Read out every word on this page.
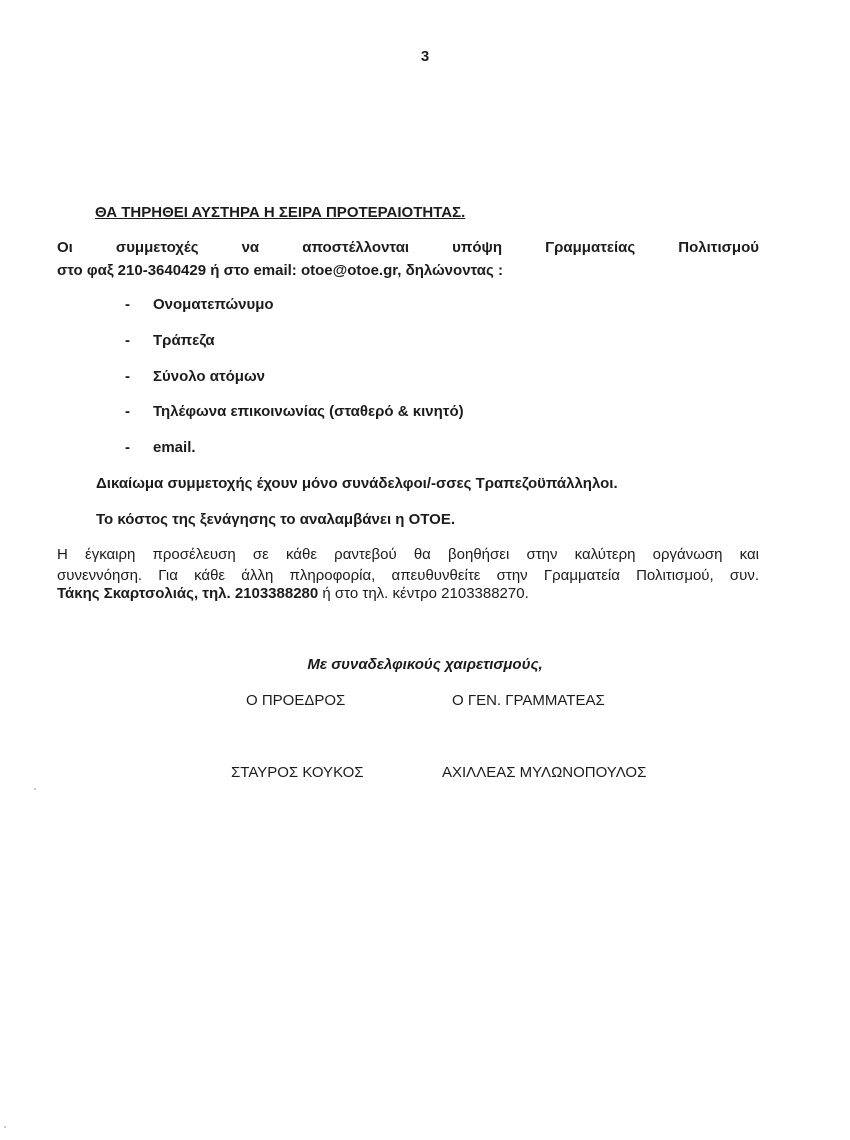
3
ΘΑ ΤΗΡΗΘΕΙ ΑΥΣΤΗΡΑ Η ΣΕΙΡΑ ΠΡΟΤΕΡΑΙΟΤΗΤΑΣ.
Οι συμμετοχές να αποστέλλονται υπόψη Γραμματείας Πολιτισμού
στο φαξ 210-3640429 ή στο email: otoe@otoe.gr, δηλώνοντας :
- Ονοματεπώνυμο
- Τράπεζα
- Σύνολο ατόμων
- Τηλέφωνα επικοινωνίας (σταθερό & κινητό)
- email.
Δικαίωμα συμμετοχής έχουν μόνο συνάδελφοι/-σσες Τραπεζοϋπάλληλοι.
Το κόστος της ξενάγησης το αναλαμβάνει η ΟΤΟΕ.
Η έγκαιρη προσέλευση σε κάθε ραντεβού θα βοηθήσει στην καλύτερη οργάνωση και
συνεννόηση. Για κάθε άλλη πληροφορία, απευθυνθείτε στην Γραμματεία Πολιτισμού, συν.
Τάκης Σκαρτσολιάς, τηλ. 2103388280 ή στο τηλ. κέντρο 2103388270.
Με συναδελφικούς χαιρετισμούς,
Ο ΠΡΟΕΔΡΟΣ	Ο ΓΕΝ. ΓΡΑΜΜΑΤΕΑΣ
ΣΤΑΥΡΟΣ ΚΟΥΚΟΣ	ΑΧΙΛΛΕΑΣ ΜΥΛΩΝΟΠΟΥΛΟΣ
